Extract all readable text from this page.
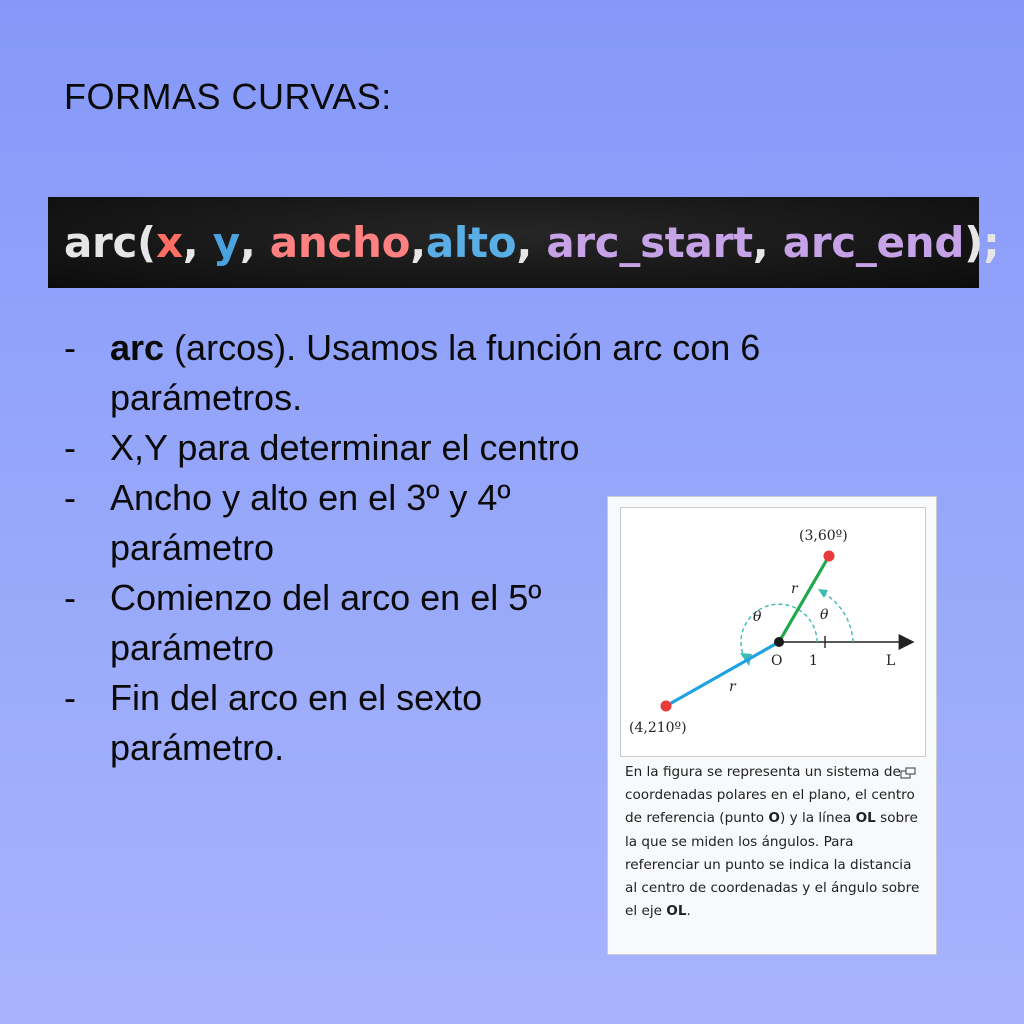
FORMAS CURVAS:
arc( x , y , ancho , alto , arc_start , arc_end );
- arc (arcos). Usamos la función arc con 6 parámetros.
- X,Y para determinar el centro
- Ancho y alto en el 3º y 4º parámetro
- Comienzo del arco en el 5º parámetro
- Fin del arco en el sexto parámetro.
(3,60º)
(4,210º)
O 1	L
r
r
θ
θ
En la figura se representa un sistema de coordenadas polares en el plano, el centro de referencia (punto O) y la línea OL sobre la que se miden los ángulos. Para referenciar un punto se indica la distancia al centro de coordenadas y el ángulo sobre el eje OL.
